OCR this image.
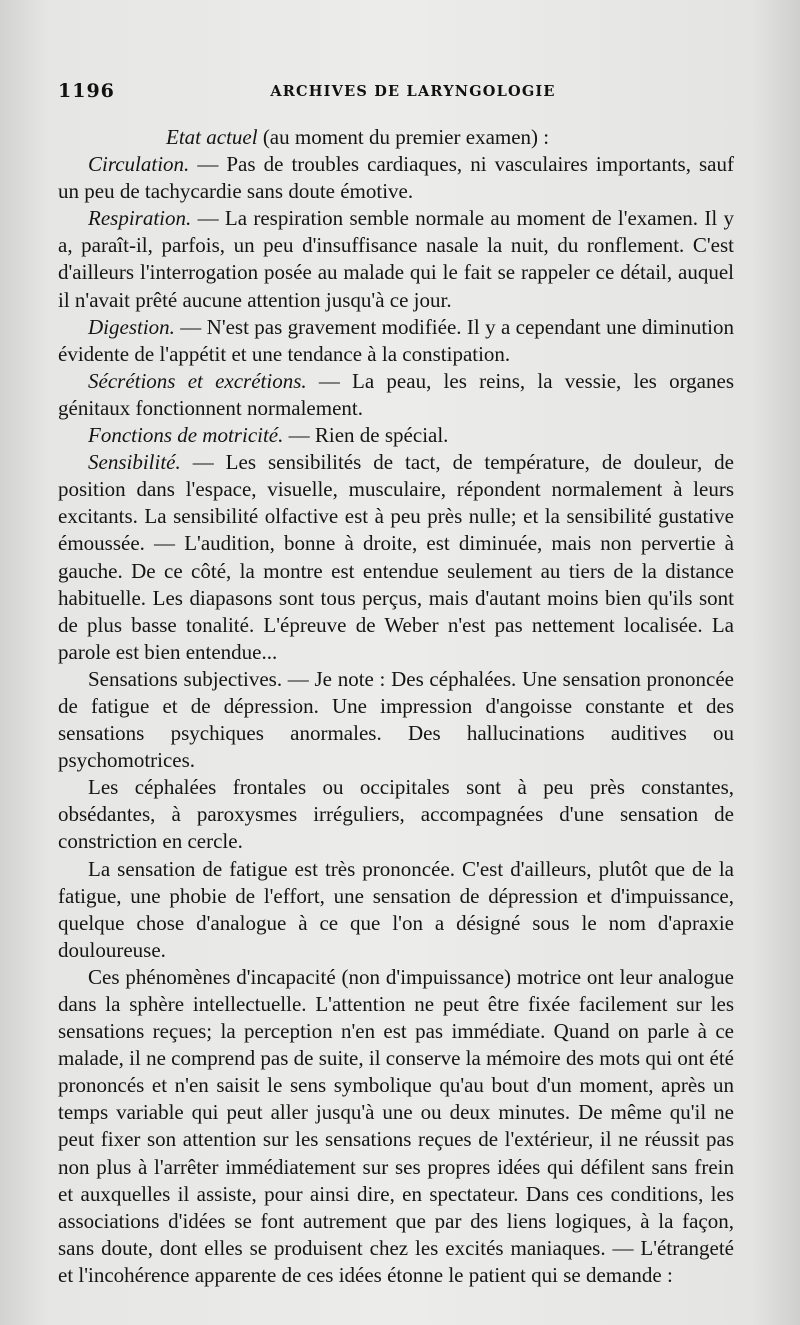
1196	ARCHIVES DE LARYNGOLOGIE

Etat actuel (au moment du premier examen) :

Circulation. — Pas de troubles cardiaques, ni vasculaires importants, sauf un peu de tachycardie sans doute émotive.

Respiration. — La respiration semble normale au moment de l'examen. Il y a, paraît-il, parfois, un peu d'insuffisance nasale la nuit, du ronflement. C'est d'ailleurs l'interrogation posée au malade qui le fait se rappeler ce détail, auquel il n'avait prêté aucune attention jusqu'à ce jour.

Digestion. — N'est pas gravement modifiée. Il y a cependant une diminution évidente de l'appétit et une tendance à la constipation.

Sécrétions et excrétions. — La peau, les reins, la vessie, les organes génitaux fonctionnent normalement.

Fonctions de motricité. — Rien de spécial.

Sensibilité. — Les sensibilités de tact, de température, de douleur, de position dans l'espace, visuelle, musculaire, répondent normalement à leurs excitants. La sensibilité olfactive est à peu près nulle; et la sensibilité gustative émoussée. — L'audition, bonne à droite, est diminuée, mais non pervertie à gauche. De ce côté, la montre est entendue seulement au tiers de la distance habituelle. Les diapasons sont tous perçus, mais d'autant moins bien qu'ils sont de plus basse tonalité. L'épreuve de Weber n'est pas nettement localisée. La parole est bien entendue...

Sensations subjectives. — Je note : Des céphalées. Une sensation prononcée de fatigue et de dépression. Une impression d'angoisse constante et des sensations psychiques anormales. Des hallucinations auditives ou psychomotrices.

Les céphalées frontales ou occipitales sont à peu près constantes, obsédantes, à paroxysmes irréguliers, accompagnées d'une sensation de constriction en cercle.

La sensation de fatigue est très prononcée. C'est d'ailleurs, plutôt que de la fatigue, une phobie de l'effort, une sensation de dépression et d'impuissance, quelque chose d'analogue à ce que l'on a désigné sous le nom d'apraxie douloureuse.

Ces phénomènes d'incapacité (non d'impuissance) motrice ont leur analogue dans la sphère intellectuelle. L'attention ne peut être fixée facilement sur les sensations reçues; la perception n'en est pas immédiate. Quand on parle à ce malade, il ne comprend pas de suite, il conserve la mémoire des mots qui ont été prononcés et n'en saisit le sens symbolique qu'au bout d'un moment, après un temps variable qui peut aller jusqu'à une ou deux minutes. De même qu'il ne peut fixer son attention sur les sensations reçues de l'extérieur, il ne réussit pas non plus à l'arrêter immédiatement sur ses propres idées qui défilent sans frein et auxquelles il assiste, pour ainsi dire, en spectateur. Dans ces conditions, les associations d'idées se font autrement que par des liens logiques, à la façon, sans doute, dont elles se produisent chez les excités maniaques. — L'étrangeté et l'incohérence apparente de ces idées étonne le patient qui se demande :
